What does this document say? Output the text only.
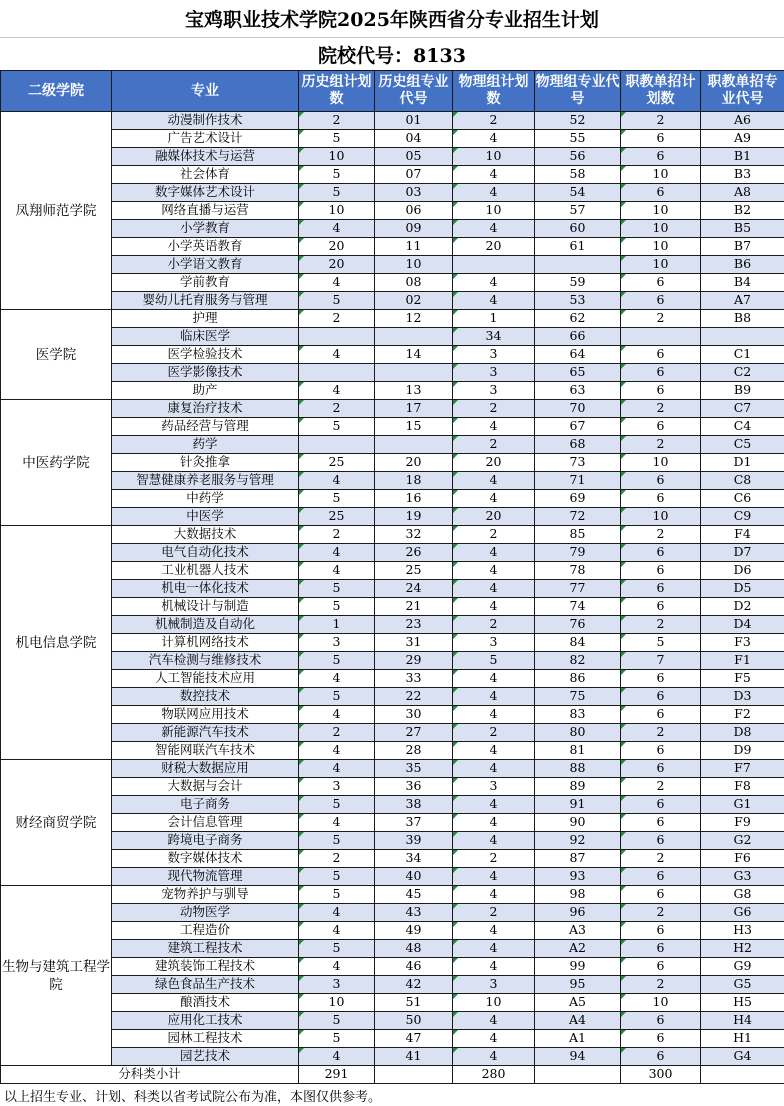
宝鸡职业技术学院2025年陕西省分专业招生计划
院校代号：8133
二级学院	专业	历史组计划数	历史组专业代号	物理组计划数	物理组专业代号	职教单招计划数	职教单招专业代号
凤翔师范学院	动漫制作技术	2	01	2	52	2	A6
	广告艺术设计	5	04	4	55	6	A9
	融媒体技术与运营	10	05	10	56	6	B1
	社会体育	5	07	4	58	10	B3
	数字媒体艺术设计	5	03	4	54	6	A8
	网络直播与运营	10	06	10	57	10	B2
	小学教育	4	09	4	60	10	B5
	小学英语教育	20	11	20	61	10	B7
	小学语文教育	20	10			10	B6
	学前教育	4	08	4	59	6	B4
	婴幼儿托育服务与管理	5	02	4	53	6	A7
医学院	护理	2	12	1	62	2	B8
	临床医学			34	66		
	医学检验技术	4	14	3	64	6	C1
	医学影像技术			3	65	6	C2
	助产	4	13	3	63	6	B9
中医药学院	康复治疗技术	2	17	2	70	2	C7
	药品经营与管理	5	15	4	67	6	C4
	药学			2	68	2	C5
	针灸推拿	25	20	20	73	10	D1
	智慧健康养老服务与管理	4	18	4	71	6	C8
	中药学	5	16	4	69	6	C6
	中医学	25	19	20	72	10	C9
机电信息学院	大数据技术	2	32	2	85	2	F4
	电气自动化技术	4	26	4	79	6	D7
	工业机器人技术	4	25	4	78	6	D6
	机电一体化技术	5	24	4	77	6	D5
	机械设计与制造	5	21	4	74	6	D2
	机械制造及自动化	1	23	2	76	2	D4
	计算机网络技术	3	31	3	84	5	F3
	汽车检测与维修技术	5	29	5	82	7	F1
	人工智能技术应用	4	33	4	86	6	F5
	数控技术	5	22	4	75	6	D3
	物联网应用技术	4	30	4	83	6	F2
	新能源汽车技术	2	27	2	80	2	D8
	智能网联汽车技术	4	28	4	81	6	D9
财经商贸学院	财税大数据应用	4	35	4	88	6	F7
	大数据与会计	3	36	3	89	2	F8
	电子商务	5	38	4	91	6	G1
	会计信息管理	4	37	4	90	6	F9
	跨境电子商务	5	39	4	92	6	G2
	数字媒体技术	2	34	2	87	2	F6
	现代物流管理	5	40	4	93	6	G3
生物与建筑工程学院	宠物养护与驯导	5	45	4	98	6	G8
	动物医学	4	43	2	96	2	G6
	工程造价	4	49	4	A3	6	H3
	建筑工程技术	5	48	4	A2	6	H2
	建筑装饰工程技术	4	46	4	99	6	G9
	绿色食品生产技术	3	42	3	95	2	G5
	酿酒技术	10	51	10	A5	10	H5
	应用化工技术	5	50	4	A4	6	H4
	园林工程技术	5	47	4	A1	6	H1
	园艺技术	4	41	4	94	6	G4
分科类小计		291		280		300	
以上招生专业、计划、科类以省考试院公布为准，本图仅供参考。
